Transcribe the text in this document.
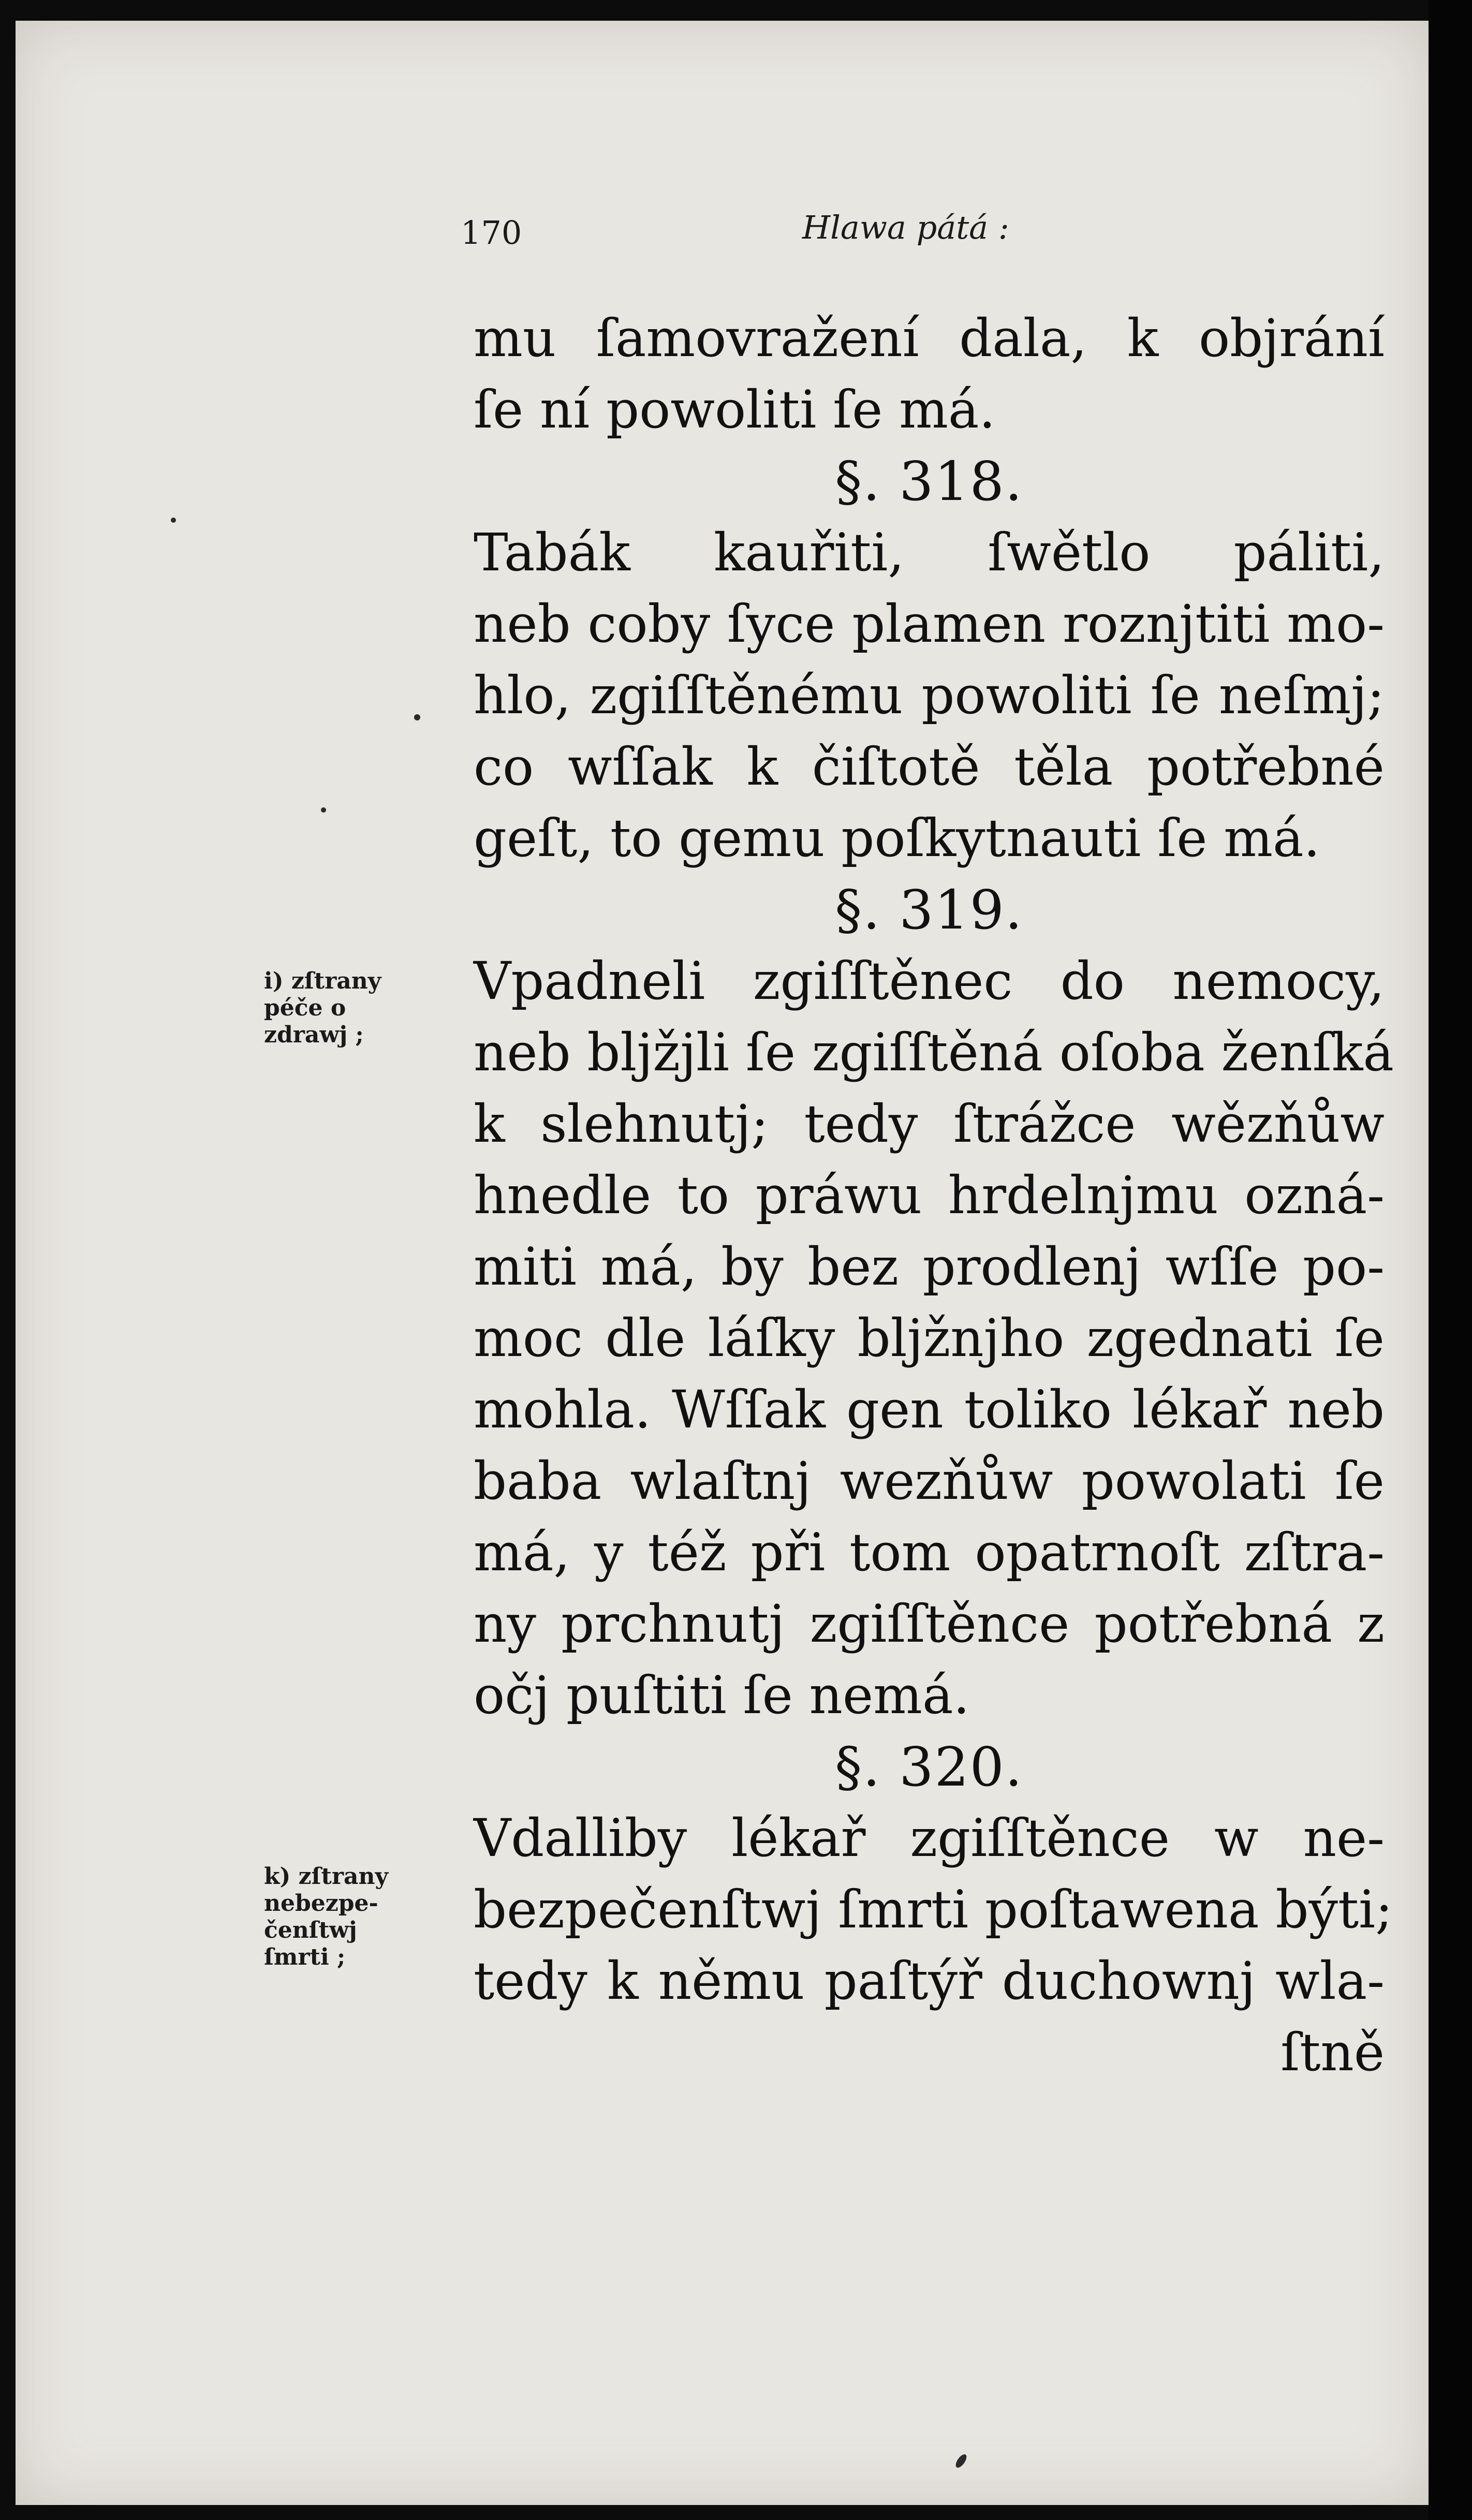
170	Hlawa pátá :
i) zſtrany
péče o
zdrawj ;
k) zſtrany
nebezpe-
čenſtwj
ſmrti ;
mu ſamovražení dala, k objrání
ſe ní powoliti ſe má.
§. 318.
Tabák kauřiti, ſwětlo páliti,
neb coby ſyce plamen roznjtiti mo-
hlo, zgiſſtěnému powoliti ſe neſmj;
co wſſak k čiſtotě těla potřebné
geſt, to gemu poſkytnauti ſe má.
§. 319.
Vpadneli zgiſſtěnec do nemocy,
neb bljžjli ſe zgiſſtěná oſoba ženſká
k slehnutj; tedy ſtrážce wězňůw
hnedle to práwu hrdelnjmu ozná-
miti má, by bez prodlenj wſſe po-
moc dle láſky bljžnjho zgednati ſe
mohla. Wſſak gen toliko lékař neb
baba wlaſtnj wezňůw powolati ſe
má, y též při tom opatrnoſt zſtra-
ny prchnutj zgiſſtěnce potřebná z
očj puſtiti ſe nemá.
§. 320.
Vdalliby lékař zgiſſtěnce w ne-
bezpečenſtwj ſmrti poſtawena býti;
tedy k němu paſtýř duchownj wla-
ſtně
